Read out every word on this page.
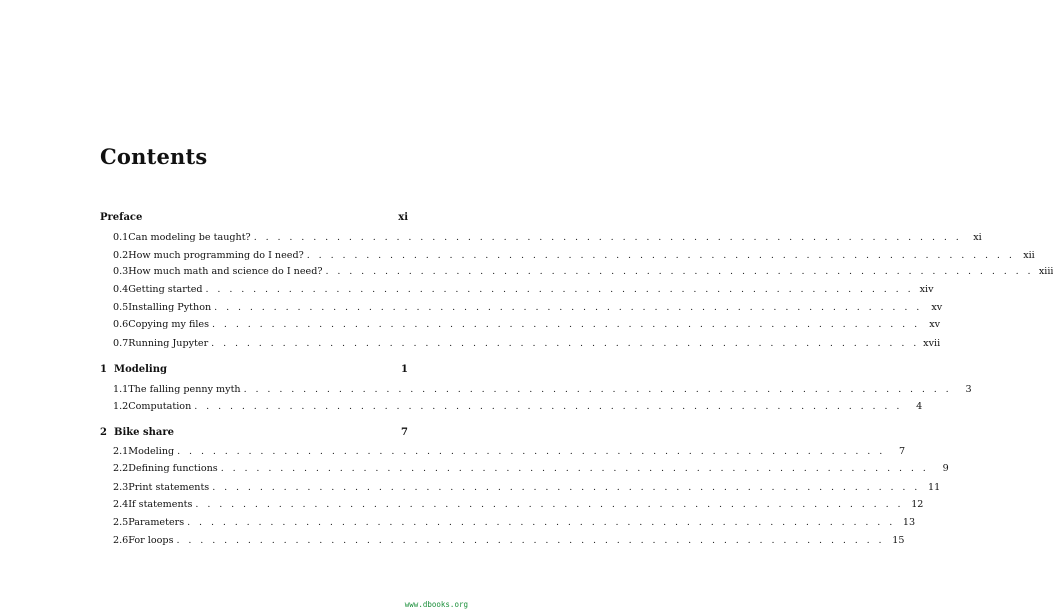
Contents
Preface	xi
0.1 Can modeling be taught? . . . . . . . . . . . . . . . . . . . . . . . . . . . . . . . . . . . . . . . . . . . . . . . . . . . . . . . . . . . .	xi
0.2 How much programming do I need? . . . . . . . . . . . . . . . . . . . . . . . . . . . . . . . . . . . . . . . . . . . . . . . . . . . . . . . . . . . . xii
0.3 How much math and science do I need? . . . . . . . . . . . . . . . . . . . . . . . . . . . . . . . . . . . . . . . . . . . . . . . . . . . . . . . . . . . . xiii
0.4 Getting started . . . . . . . . . . . . . . . . . . . . . . . . . . . . . . . . . . . . . . . . . . . . . . . . . . . . . . . . . . . . xiv
0.5 Installing Python . . . . . . . . . . . . . . . . . . . . . . . . . . . . . . . . . . . . . . . . . . . . . . . . . . . . . . . . . . . . xv
0.6 Copying my files . . . . . . . . . . . . . . . . . . . . . . . . . . . . . . . . . . . . . . . . . . . . . . . . . . . . . . . . . . . . xv
0.7 Running Jupyter . . . . . . . . . . . . . . . . . . . . . . . . . . . . . . . . . . . . . . . . . . . . . . . . . . . . . . . . . . . . xvii
1 Modeling	1
1.1 The falling penny myth . . . . . . . . . . . . . . . . . . . . . . . . . . . . . . . . . . . . . . . . . . . . . . . . . . . . . . . . . . . .	3
1.2 Computation . . . . . . . . . . . . . . . . . . . . . . . . . . . . . . . . . . . . . . . . . . . . . . . . . . . . . . . . . . . .	4
2 Bike share	7
2.1 Modeling . . . . . . . . . . . . . . . . . . . . . . . . . . . . . . . . . . . . . . . . . . . . . . . . . . . . . . . . . . . .	7
2.2 Defining functions . . . . . . . . . . . . . . . . . . . . . . . . . . . . . . . . . . . . . . . . . . . . . . . . . . . . . . . . . . . .	9
2.3 Print statements . . . . . . . . . . . . . . . . . . . . . . . . . . . . . . . . . . . . . . . . . . . . . . . . . . . . . . . . . . . . 11
2.4 If statements . . . . . . . . . . . . . . . . . . . . . . . . . . . . . . . . . . . . . . . . . . . . . . . . . . . . . . . . . . . . 12
2.5 Parameters . . . . . . . . . . . . . . . . . . . . . . . . . . . . . . . . . . . . . . . . . . . . . . . . . . . . . . . . . . . . 13
2.6 For loops . . . . . . . . . . . . . . . . . . . . . . . . . . . . . . . . . . . . . . . . . . . . . . . . . . . . . . . . . . . . 15
www.dbooks.org
